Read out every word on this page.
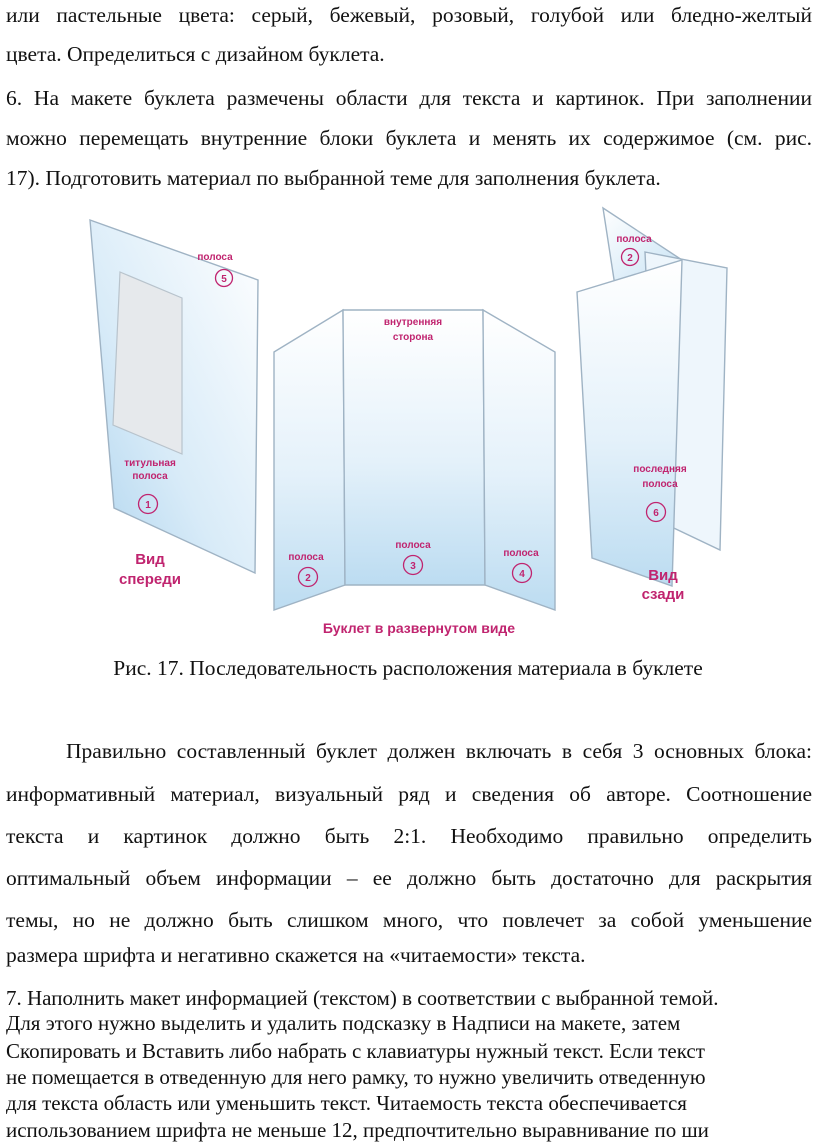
или пастельные цвета: серый, бежевый, розовый, голубой или бледно-желтый
цвета. Определиться с дизайном буклета.
6. На макете буклета размечены области для текста и картинок. При заполнении
можно перемещать внутренние блоки буклета и менять их содержимое (см. рис.
17). Подготовить материал по выбранной теме для заполнения буклета.
полоса
5
титульная
полоса
1
Вид
спереди
внутренняя
сторона
полоса
2
полоса
3
полоса
4
Буклет в развернутом виде
полоса
2
последняя
полоса
6
Вид
сзади
Рис. 17. Последовательность расположения материала в буклете
Правильно составленный буклет должен включать в себя 3 основных блока:
информативный материал, визуальный ряд и сведения об авторе. Соотношение
текста и картинок должно быть 2:1. Необходимо правильно определить
оптимальный объем информации – ее должно быть достаточно для раскрытия
темы, но не должно быть слишком много, что повлечет за собой уменьшение
размера шрифта и негативно скажется на «читаемости» текста.
7. Наполнить макет информацией (текстом) в соответствии с выбранной темой.
Для этого нужно выделить и удалить подсказку в Надписи на макете, затем
Скопировать и Вставить либо набрать с клавиатуры нужный текст. Если текст
не помещается в отведенную для него рамку, то нужно увеличить отведенную
для текста область или уменьшить текст. Читаемость текста обеспечивается
использованием шрифта не меньше 12, предпочтительно выравнивание по ши
